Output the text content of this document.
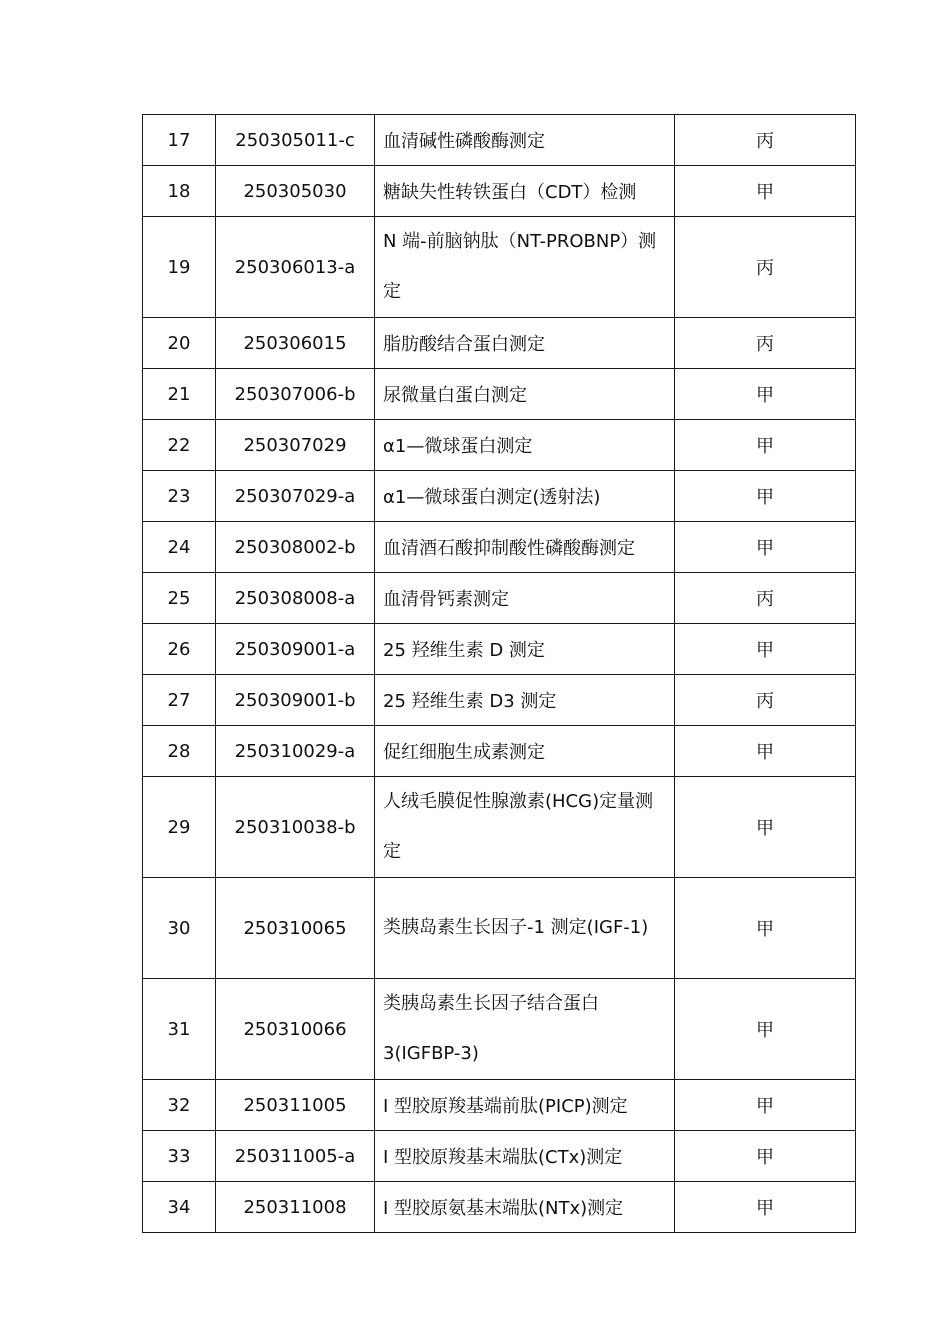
17	250305011-c	血清碱性磷酸酶测定	丙
18	250305030	糖缺失性转铁蛋白（CDT）检测	甲
19	250306013-a	N 端-前脑钠肽（NT-PROBNP）测定	丙
20	250306015	脂肪酸结合蛋白测定	丙
21	250307006-b	尿微量白蛋白测定	甲
22	250307029	α1—微球蛋白测定	甲
23	250307029-a	α1—微球蛋白测定(透射法)	甲
24	250308002-b	血清酒石酸抑制酸性磷酸酶测定	甲
25	250308008-a	血清骨钙素测定	丙
26	250309001-a	25 羟维生素 D 测定	甲
27	250309001-b	25 羟维生素 D3 测定	丙
28	250310029-a	促红细胞生成素测定	甲
29	250310038-b	人绒毛膜促性腺激素(HCG)定量测定	甲
30	250310065	类胰岛素生长因子-1 测定(IGF-1)	甲
31	250310066	类胰岛素生长因子结合蛋白3(IGFBP-3)	甲
32	250311005	I 型胶原羧基端前肽(PICP)测定	甲
33	250311005-a	I 型胶原羧基末端肽(CTx)测定	甲
34	250311008	I 型胶原氨基末端肽(NTx)测定	甲
